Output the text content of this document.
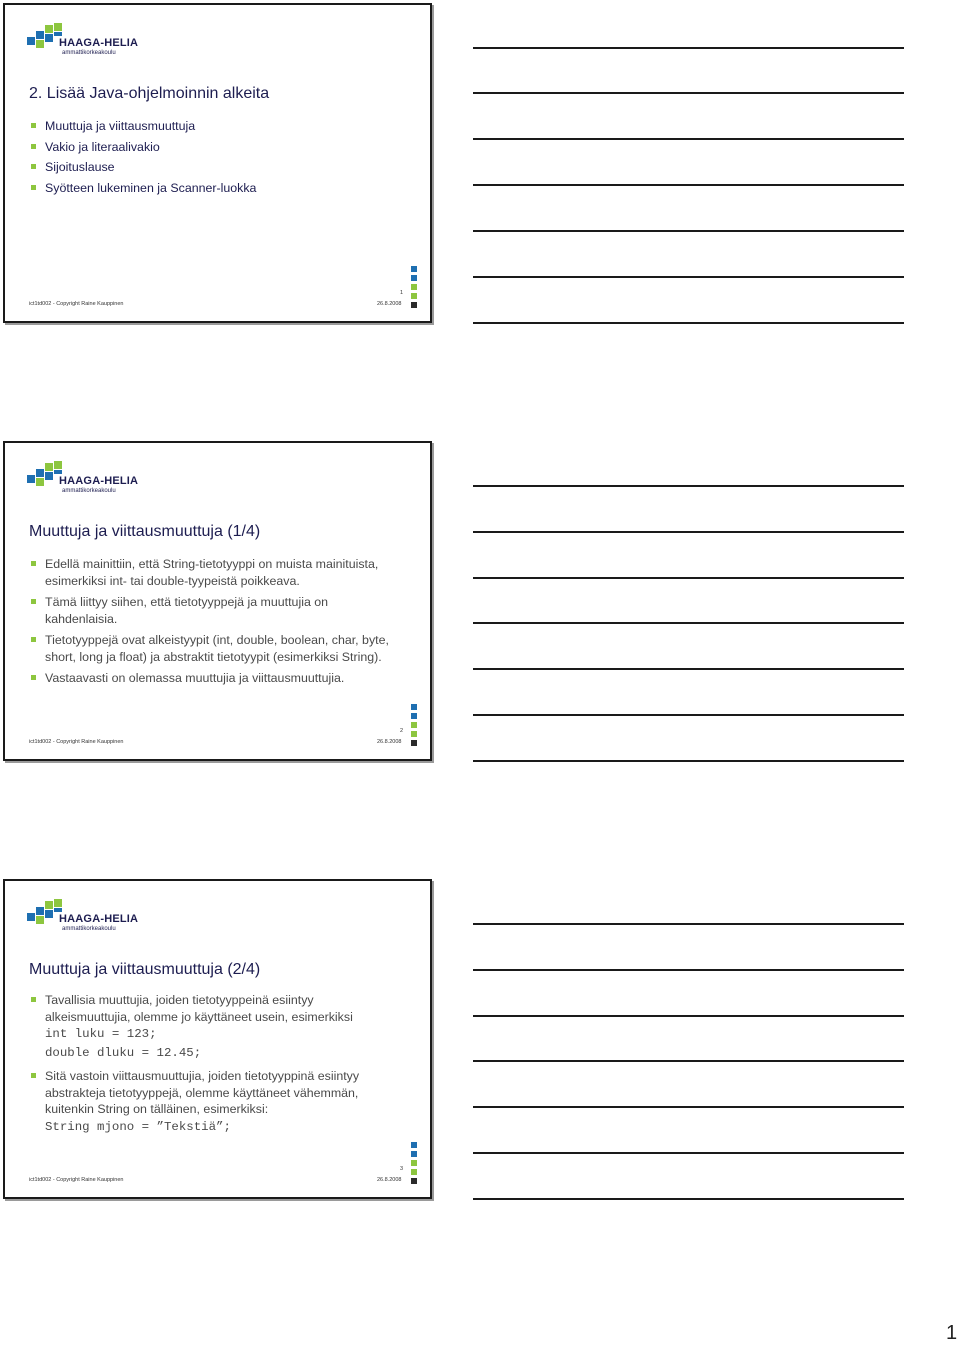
HAAGA-HELIA
ammattikorkeakoulu
2. Lisää Java-ohjelmoinnin alkeita
Muuttuja ja viittausmuuttuja
Vakio ja literaalivakio
Sijoituslause
Syötteen lukeminen ja Scanner-luokka
1
ict1td002 - Copyright Raine Kauppinen	26.8.2008
HAAGA-HELIA
ammattikorkeakoulu
Muuttuja ja viittausmuuttuja (1/4)
Edellä mainittiin, että String-tietotyyppi on muista mainituista, esimerkiksi int- tai double-tyypeistä poikkeava.
Tämä liittyy siihen, että tietotyyppejä ja muuttujia on kahdenlaisia.
Tietotyyppejä ovat alkeistyypit (int, double, boolean, char, byte, short, long ja float) ja abstraktit tietotyypit (esimerkiksi String).
Vastaavasti on olemassa muuttujia ja viittausmuuttujia.
2
ict1td002 - Copyright Raine Kauppinen	26.8.2008
HAAGA-HELIA
ammattikorkeakoulu
Muuttuja ja viittausmuuttuja (2/4)
Tavallisia muuttujia, joiden tietotyyppeinä esiintyy alkeismuuttujia, olemme jo käyttäneet usein, esimerkiksi
int luku = 123;
double dluku = 12.45;
Sitä vastoin viittausmuuttujia, joiden tietotyyppinä esiintyy abstrakteja tietotyyppejä, olemme käyttäneet vähemmän, kuitenkin String on tälläinen, esimerkiksi:
String mjono = ”Tekstiä”;
3
ict1td002 - Copyright Raine Kauppinen	26.8.2008
1
